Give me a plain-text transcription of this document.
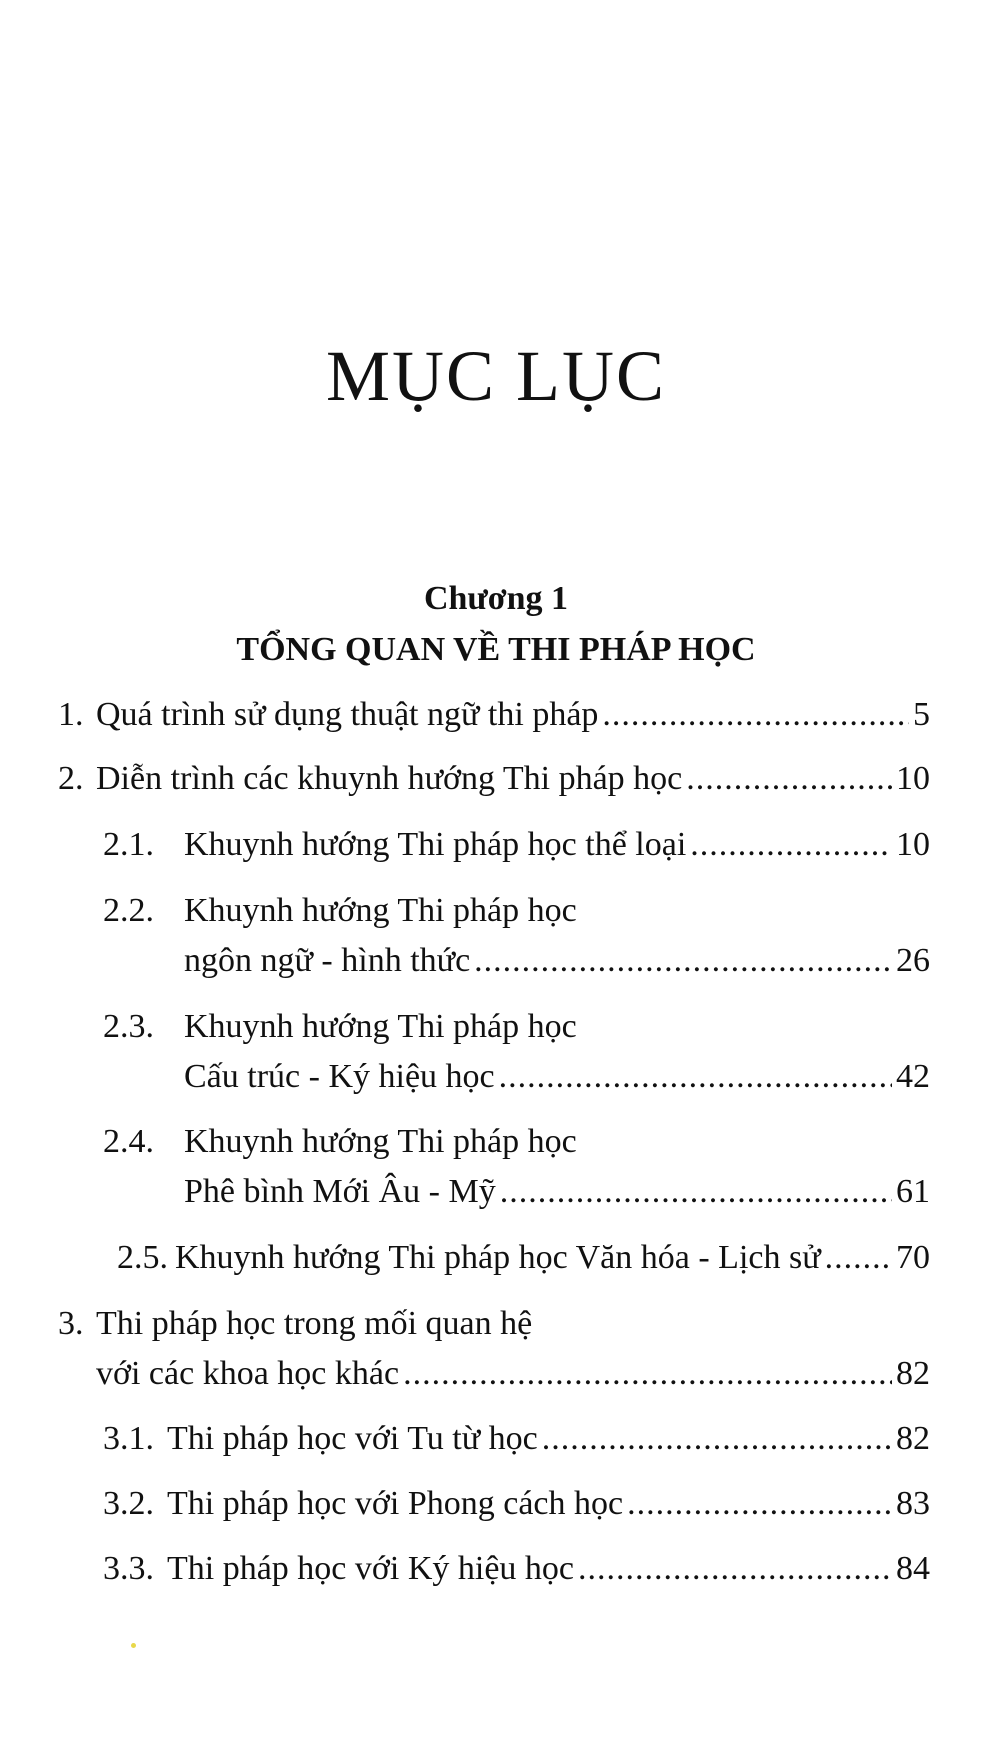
MỤC LỤC
Chương 1
TỔNG QUAN VỀ THI PHÁP HỌC
1. Quá trình sử dụng thuật ngữ thi pháp .....	5
2. Diễn trình các khuynh hướng Thi pháp học .....	10
2.1. Khuynh hướng Thi pháp học thể loại .....	10
2.2. Khuynh hướng Thi pháp học
ngôn ngữ - hình thức .....	26
2.3. Khuynh hướng Thi pháp học
Cấu trúc - Ký hiệu học .....	42
2.4. Khuynh hướng Thi pháp học
Phê bình Mới Âu - Mỹ .....	61
2.5. Khuynh hướng Thi pháp học Văn hóa - Lịch sử ..... 70
3. Thi pháp học trong mối quan hệ
với các khoa học khác .....	82
3.1. Thi pháp học với Tu từ học .....	82
3.2. Thi pháp học với Phong cách học .....	83
3.3. Thi pháp học với Ký hiệu học .....	84
